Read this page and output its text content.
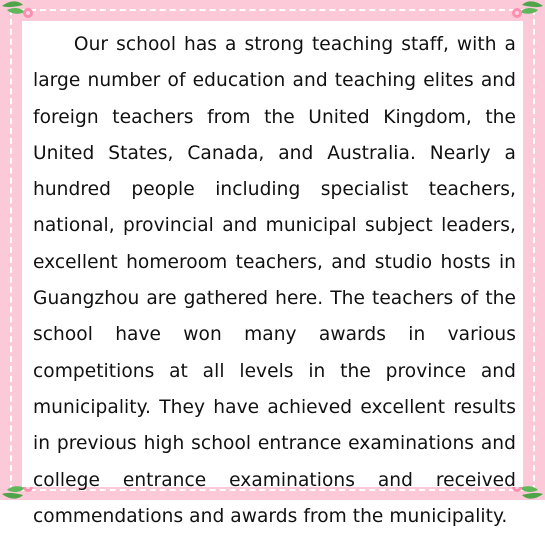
Our school has a strong teaching staff, with a large number of education and teaching elites and foreign teachers from the United Kingdom, the United States, Canada, and Australia. Nearly a hundred people including specialist teachers, national, provincial and municipal subject leaders, excellent homeroom teachers, and studio hosts in Guangzhou are gathered here. The teachers of the school have won many awards in various competitions at all levels in the province and municipality. They have achieved excellent results in previous high school entrance examinations and college entrance examinations and received commendations and awards from the municipality.
